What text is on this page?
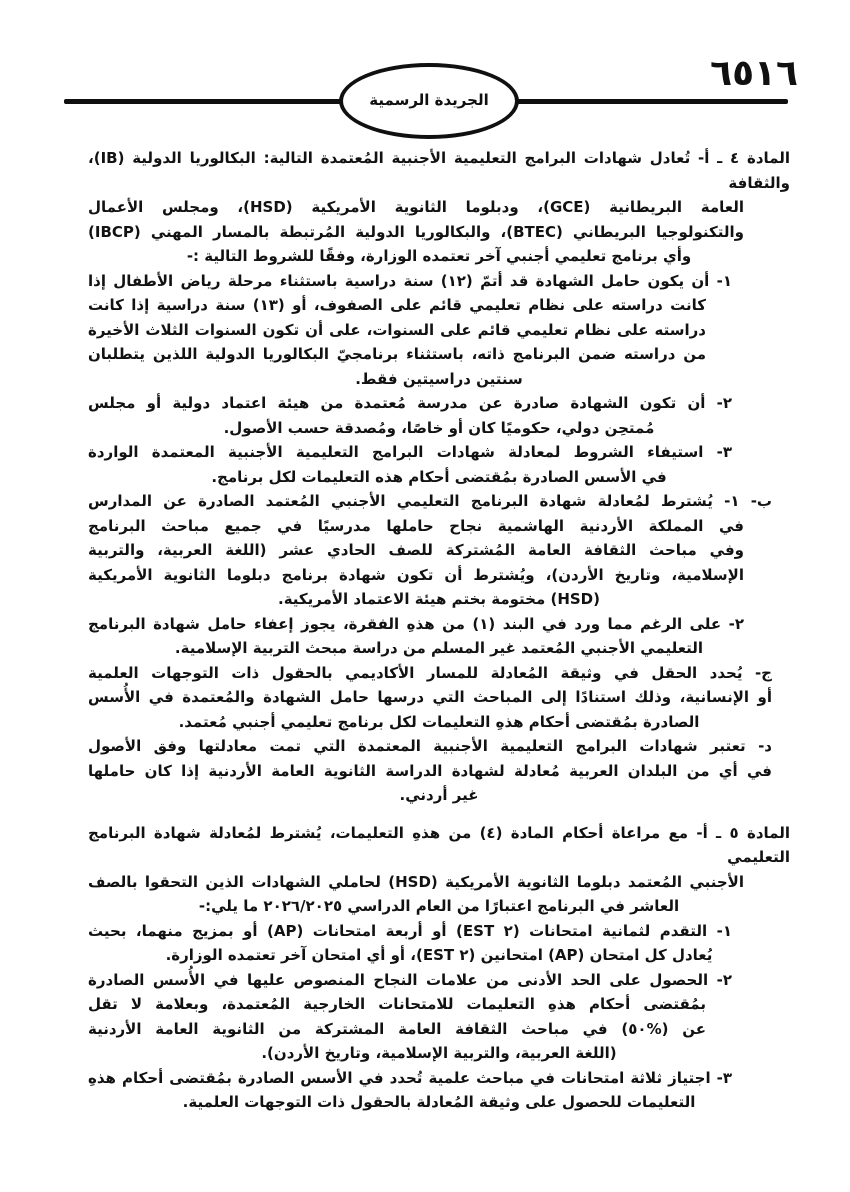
٦٥١٦
الجريدة الرسمية
المادة ٤ ـ أ- تُعادل شهادات البرامج التعليمية الأجنبية المُعتمدة التالية: البكالوريا الدولية (IB)، والثقافة
العامة البريطانية (GCE)، ودبلوما الثانوية الأمريكية (HSD)، ومجلس الأعمال
والتكنولوجيا البريطاني (BTEC)، والبكالوريا الدولية المُرتبطة بالمسار المهني (IBCP)
وأي برنامج تعليمي أجنبي آخر تعتمده الوزارة، وفقًا للشروط التالية :-
١- أن يكون حامل الشهادة قد أتمّ (١٢) سنة دراسية باستثناء مرحلة رياض الأطفال إذا
كانت دراسته على نظام تعليمي قائم على الصفوف، أو (١٣) سنة دراسية إذا كانت
دراسته على نظام تعليمي قائم على السنوات، على أن تكون السنوات الثلاث الأخيرة
من دراسته ضمن البرنامج ذاته، باستثناء برنامجيّ البكالوريا الدولية اللذين يتطلبان
سنتين دراسيتين فقط.
٢- أن تكون الشهادة صادرة عن مدرسة مُعتمدة من هيئة اعتماد دولية أو مجلس
مُمتحِن دولي، حكوميًا كان أو خاصًا، ومُصدقة حسب الأصول.
٣- استيفاء الشروط لمعادلة شهادات البرامج التعليمية الأجنبية المعتمدة الواردة
في الأسس الصادرة بمُقتضى أحكام هذه التعليمات لكل برنامج.
ب- ١- يُشترط لمُعادلة شهادة البرنامج التعليمي الأجنبي المُعتمد الصادرة عن المدارس
في المملكة الأردنية الهاشمية نجاح حاملها مدرسيًا في جميع مباحث البرنامج
وفي مباحث الثقافة العامة المُشتركة للصف الحادي عشر (اللغة العربية، والتربية
الإسلامية، وتاريخ الأردن)، ويُشترط أن تكون شهادة برنامج دبلوما الثانوية الأمريكية
(HSD) مختومة بختم هيئة الاعتماد الأمريكية.
٢- على الرغم مما ورد في البند (١) من هذهِ الفقرة، يجوز إعفاء حامل شهادة البرنامج
التعليمي الأجنبي المُعتمد غير المسلم من دراسة مبحث التربية الإسلامية.
ج- يُحدد الحقل في وثيقة المُعادلة للمسار الأكاديمي بالحقول ذات التوجهات العلمية
أو الإنسانية، وذلك استنادًا إلى المباحث التي درسها حامل الشهادة والمُعتمدة في الأُسس
الصادرة بمُقتضى أحكام هذهِ التعليمات لكل برنامج تعليمي أجنبي مُعتمد.
د- تعتبر شهادات البرامج التعليمية الأجنبية المعتمدة التي تمت معادلتها وفق الأصول
في أي من البلدان العربية مُعادلة لشهادة الدراسة الثانوية العامة الأردنية إذا كان حاملها
غير أردني.
المادة ٥ ـ أ- مع مراعاة أحكام المادة (٤) من هذهِ التعليمات، يُشترط لمُعادلة شهادة البرنامج التعليمي
الأجنبي المُعتمد دبلوما الثانوية الأمريكية (HSD) لحاملي الشهادات الذين التحقوا بالصف
العاشر في البرنامج اعتبارًا من العام الدراسي ٢٠٢٦/٢٠٢٥ ما يلي:-
١- التقدم لثمانية امتحانات (٢ EST) أو أربعة امتحانات (AP) أو بمزيج منهما، بحيث
يُعادل كل امتحان (AP) امتحانين (٢ EST)، أو أي امتحان آخر تعتمده الوزارة.
٢- الحصول على الحد الأدنى من علامات النجاح المنصوص عليها في الأُسس الصادرة
بمُقتضى أحكام هذهِ التعليمات للامتحانات الخارجية المُعتمدة، وبعلامة لا تقل
عن (%٥٠) في مباحث الثقافة العامة المشتركة من الثانوية العامة الأردنية
(اللغة العربية، والتربية الإسلامية، وتاريخ الأردن).
٣- اجتياز ثلاثة امتحانات في مباحث علمية تُحدد في الأسس الصادرة بمُقتضى أحكام هذهِ
التعليمات للحصول على وثيقة المُعادلة بالحقول ذات التوجهات العلمية.
